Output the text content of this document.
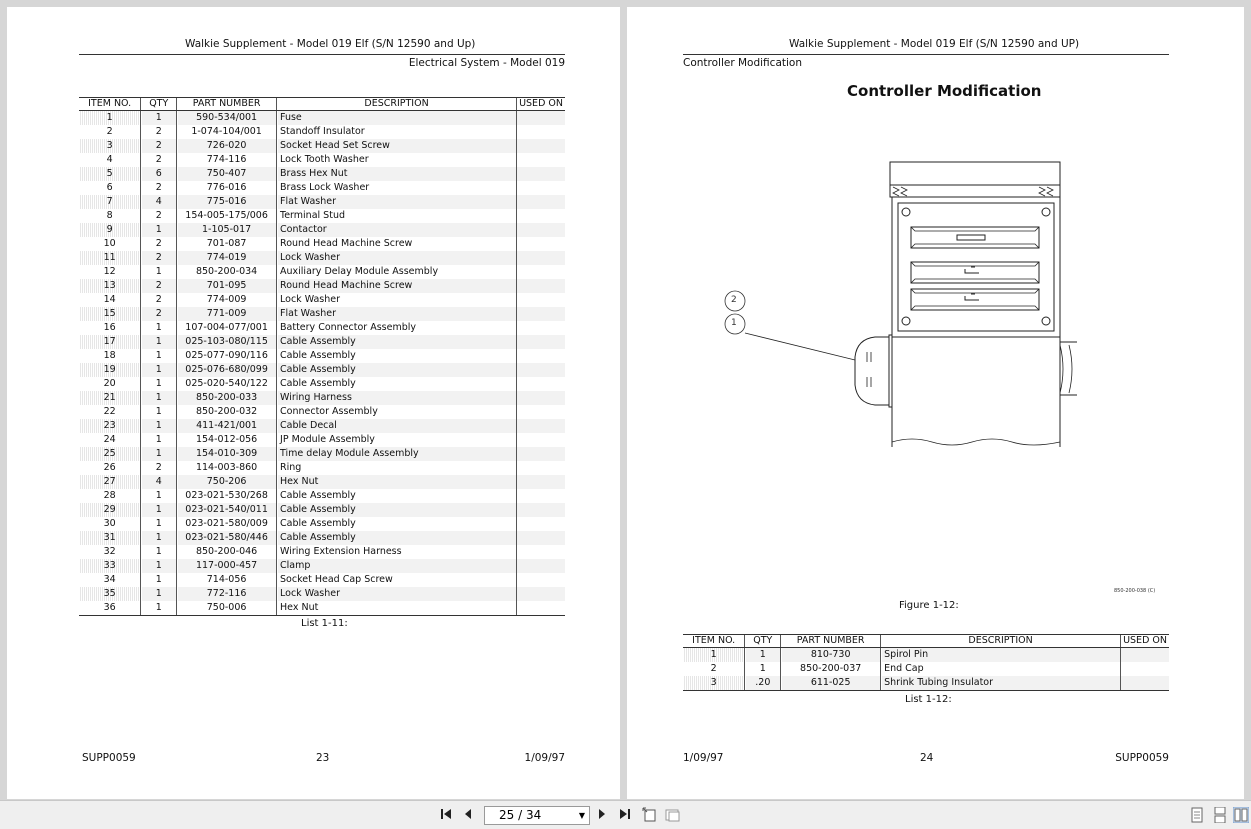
Walkie Supplement - Model 019 Elf (S/N 12590 and Up)
Electrical System - Model 019
ITEM NO.	QTY	PART NUMBER	DESCRIPTION	USED ON
1	1	590-534/001	Fuse	
2	2	1-074-104/001	Standoff Insulator	
3	2	726-020	Socket Head Set Screw	
4	2	774-116	Lock Tooth Washer	
5	6	750-407	Brass Hex Nut	
6	2	776-016	Brass Lock Washer	
7	4	775-016	Flat Washer	
8	2	154-005-175/006	Terminal Stud	
9	1	1-105-017	Contactor	
10	2	701-087	Round Head Machine Screw	
11	2	774-019	Lock Washer	
12	1	850-200-034	Auxiliary Delay Module Assembly	
13	2	701-095	Round Head Machine Screw	
14	2	774-009	Lock Washer	
15	2	771-009	Flat Washer	
16	1	107-004-077/001	Battery Connector Assembly	
17	1	025-103-080/115	Cable Assembly	
18	1	025-077-090/116	Cable Assembly	
19	1	025-076-680/099	Cable Assembly	
20	1	025-020-540/122	Cable Assembly	
21	1	850-200-033	Wiring Harness	
22	1	850-200-032	Connector Assembly	
23	1	411-421/001	Cable Decal	
24	1	154-012-056	JP Module Assembly	
25	1	154-010-309	Time delay Module Assembly	
26	2	114-003-860	Ring	
27	4	750-206	Hex Nut	
28	1	023-021-530/268	Cable Assembly	
29	1	023-021-540/011	Cable Assembly	
30	1	023-021-580/009	Cable Assembly	
31	1	023-021-580/446	Cable Assembly	
32	1	850-200-046	Wiring Extension Harness	
33	1	117-000-457	Clamp	
34	1	714-056	Socket Head Cap Screw	
35	1	772-116	Lock Washer	
36	1	750-006	Hex Nut	
List 1-11:
SUPP0059	23	1/09/97
Walkie Supplement - Model 019 Elf (S/N 12590 and UP)
Controller Modification
Controller Modification
2
1
850-200-038 (C)
Figure 1-12:
ITEM NO.	QTY	PART NUMBER	DESCRIPTION	USED ON
1	1	810-730	Spirol Pin	
2	1	850-200-037	End Cap	
3	.20	611-025	Shrink Tubing Insulator	
List 1-12:
1/09/97	24	SUPP0059
25 / 34	▼
